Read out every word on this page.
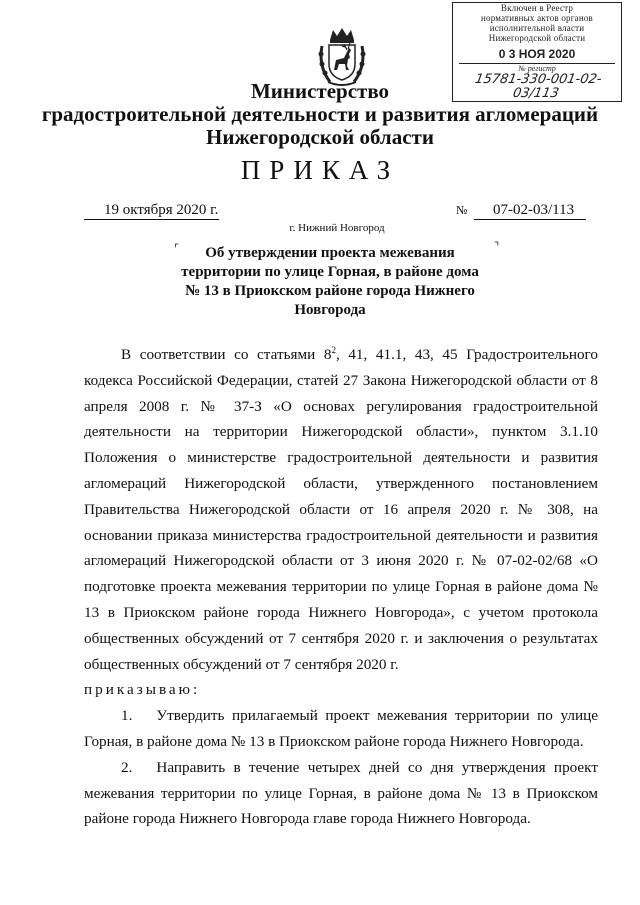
Включен в Реестр
нормативных актов органов
исполнительной власти
Нижегородской области
0 3 НОЯ 2020
№ регистр
15781-330-001-02-03/113
Министерство
градостроительной деятельности и развития агломераций
Нижегородской области
ПРИКАЗ
19 октября 2020 г.	№ 07-02-03/113
г. Нижний Новгород
⌜	⌝
Об утверждении проекта межевания
территории по улице Горная, в районе дома
№ 13 в Приокском районе города Нижнего
Новгорода

В соответствии со статьями $8^2$, 41, 41.1, 43, 45 Градостроительного кодекса Российской Федерации, статей 27 Закона Нижегородской области от 8 апреля 2008 г. № 37-З «О основах регулирования градостроительной деятельности на территории Нижегородской области», пунктом 3.1.10 Положения о министерстве градостроительной деятельности и развития агломераций Нижегородской области, утвержденного постановлением Правительства Нижегородской области от 16 апреля 2020 г. № 308, на основании приказа министерства градостроительной деятельности и развития агломераций Нижегородской области от 3 июня 2020 г. № 07-02-02/68 «О подготовке проекта межевания территории по улице Горная в районе дома № 13 в Приокском районе города Нижнего Новгорода», с учетом протокола общественных обсуждений от 7 сентября 2020 г. и заключения о результатах общественных обсуждений от 7 сентября 2020 г.

приказываю:

1. Утвердить прилагаемый проект межевания территории по улице Горная, в районе дома № 13 в Приокском районе города Нижнего Новгорода.

2. Направить в течение четырех дней со дня утверждения проект межевания территории по улице Горная, в районе дома № 13 в Приокском районе города Нижнего Новгорода главе города Нижнего Новгорода.
